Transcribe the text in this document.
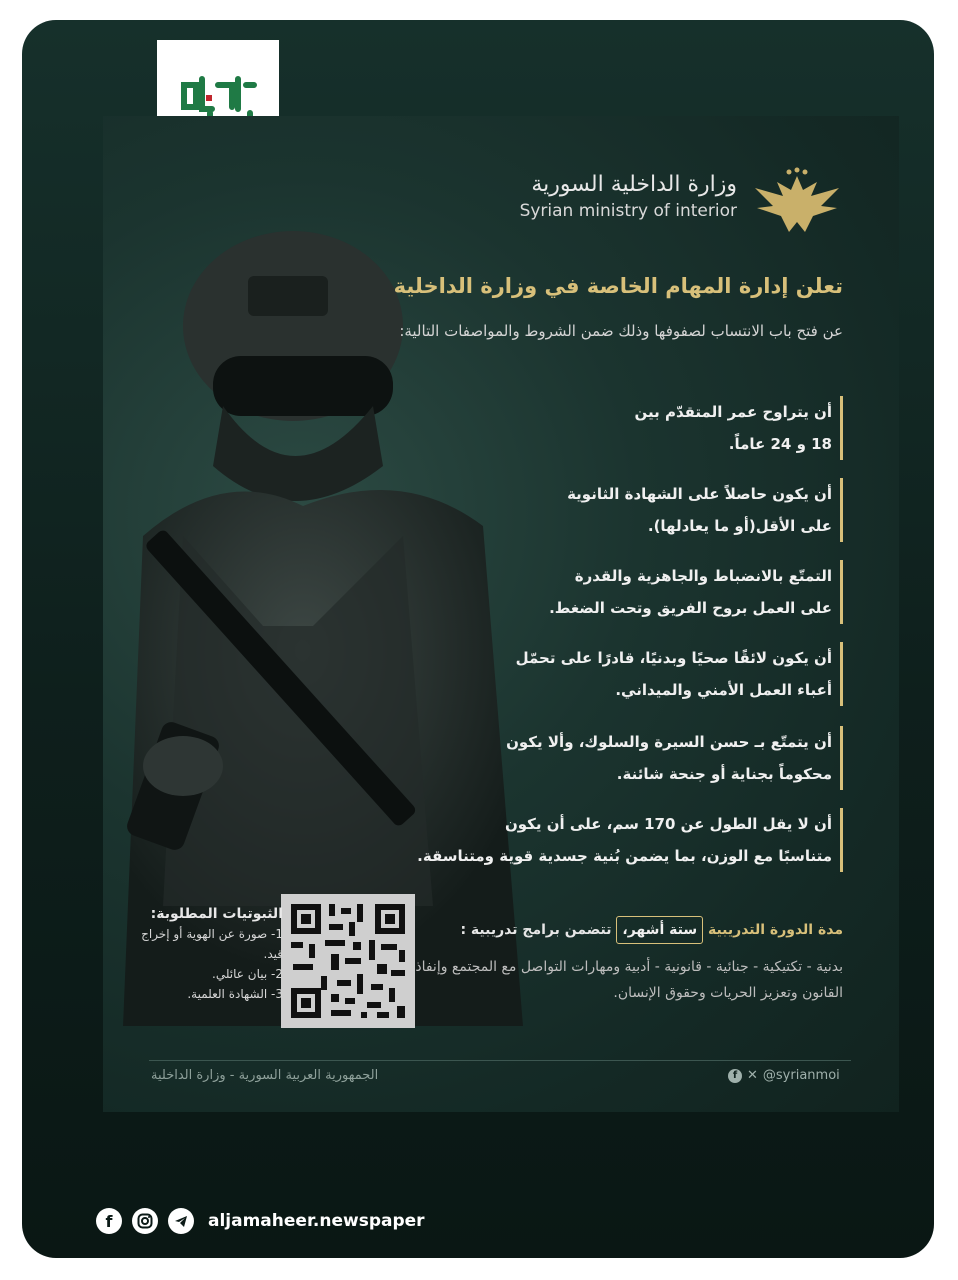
وزارة الداخلية السورية
Syrian ministry of interior
تعلن إدارة المهام الخاصة في وزارة الداخلية
عن فتح باب الانتساب لصفوفها وذلك ضمن الشروط والمواصفات التالية:
أن يتراوح عمر المتقدّم بين
18 و 24 عاماً.
أن يكون حاصلاً على الشهادة الثانوية
على الأقل(أو ما يعادلها).
التمتّع بالانضباط والجاهزية والقدرة
على العمل بروح الفريق وتحت الضغط.
أن يكون لائقًا صحيًا وبدنيًا، قادرًا على تحمّل
أعباء العمل الأمني والميداني.
أن يتمتّع بـ حسن السيرة والسلوك، وألا يكون
محكوماً بجناية أو جنحة شائنة.
أن لا يقل الطول عن 170 سم، على أن يكون
متناسبًا مع الوزن، بما يضمن بُنية جسدية قوية ومتناسقة.
مدة الدورة التدريبية ستة أشهر، تتضمن برامج تدريبية :
بدنية - تكتيكية - جنائية - قانونية - أدبية ومهارات التواصل مع المجتمع وإنفاذ القانون وتعزيز الحريات وحقوق الإنسان.
الثبوتيات المطلوبة:
1- صورة عن الهوية أو إخراج قيد.
2- بيان عائلي.
3- الشهادة العلمية.
الجمهورية العربية السورية - وزارة الداخلية	f ✕ @syrianmoi
f	aljamaheer.newspaper
